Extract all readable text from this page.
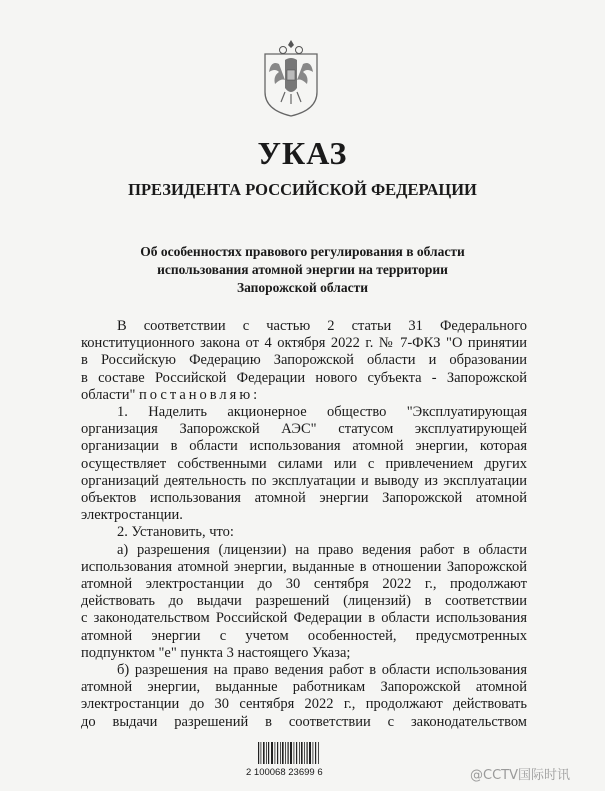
УКАЗ
ПРЕЗИДЕНТА РОССИЙСКОЙ ФЕДЕРАЦИИ
Об особенностях правового регулирования в области
использования атомной энергии на территории
Запорожской области
В соответствии с частью 2 статьи 31 Федерального
конституционного закона от 4 октября 2022 г. № 7-ФКЗ "О принятии
в Российскую Федерацию Запорожской области и образовании
в составе Российской Федерации нового субъекта - Запорожской
области" постановляю:
1. Наделить акционерное общество "Эксплуатирующая
организация Запорожской АЭС" статусом эксплуатирующей
организации в области использования атомной энергии, которая
осуществляет собственными силами или с привлечением других
организаций деятельность по эксплуатации и выводу из эксплуатации
объектов использования атомной энергии Запорожской атомной
электростанции.
2. Установить, что:
а) разрешения (лицензии) на право ведения работ в области
использования атомной энергии, выданные в отношении Запорожской
атомной электростанции до 30 сентября 2022 г., продолжают
действовать до выдачи разрешений (лицензий) в соответствии
с законодательством Российской Федерации в области использования
атомной энергии с учетом особенностей, предусмотренных
подпунктом "е" пункта 3 настоящего Указа;
б) разрешения на право ведения работ в области использования
атомной энергии, выданные работникам Запорожской атомной
электростанции до 30 сентября 2022 г., продолжают действовать
до выдачи разрешений в соответствии с законодательством
2 100068 23699 6	@CCTV国际时讯
